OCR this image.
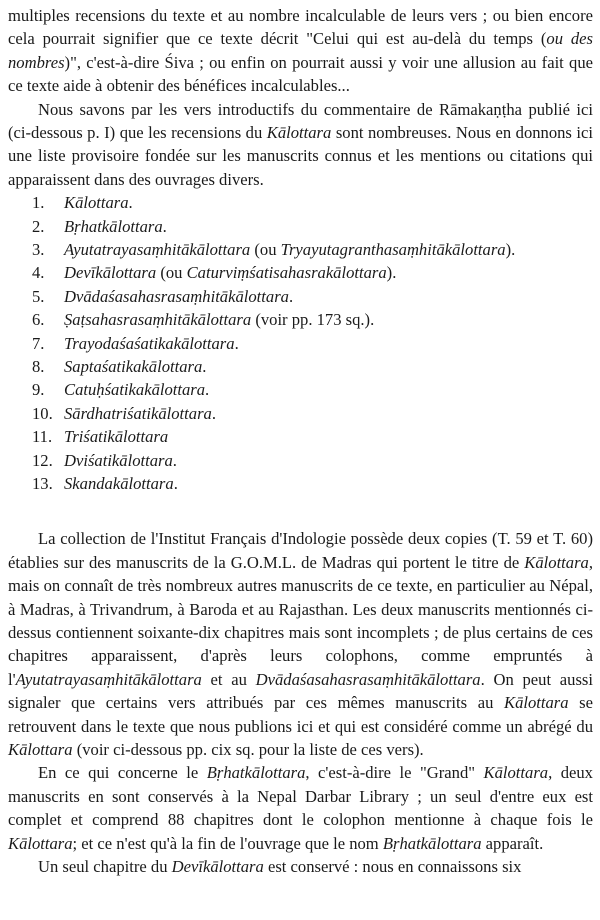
multiples recensions du texte et au nombre incalculable de leurs vers ; ou bien encore cela pourrait signifier que ce texte décrit "Celui qui est au-delà du temps (ou des nombres)", c'est-à-dire Śiva ; ou enfin on pourrait aussi y voir une allusion au fait que ce texte aide à obtenir des bénéfices incalculables...

Nous savons par les vers introductifs du commentaire de Rāmakaṇṭha publié ici (ci-dessous p. I) que les recensions du Kālottara sont nombreuses. Nous en donnons ici une liste provisoire fondée sur les manuscrits connus et les mentions ou citations qui apparaissent dans des ouvrages divers.

1.	Kālottara.
2.	Bṛhatkālottara.
3.	Ayutatrayasaṃhitākālottara (ou Tryayutagranthasaṃhitākālottara).
4.	Devīkālottara (ou Caturviṃśatisahasrakālottara).
5.	Dvādaśasahasrasaṃhitākālottara.
6.	Ṣaṭsahasrasaṃhitākālottara (voir pp. 173 sq.).
7.	Trayodaśaśatikakālottara.
8.	Saptaśatikakālottara.
9.	Catuḥśatikakālottara.
10. Sārdhatriśatikālottara.
11. Triśatikālottara
12. Dviśatikālottara.
13. Skandakālottara.

La collection de l'Institut Français d'Indologie possède deux copies (T. 59 et T. 60) établies sur des manuscrits de la G.O.M.L. de Madras qui portent le titre de Kālottara, mais on connaît de très nombreux autres manuscrits de ce texte, en particulier au Népal, à Madras, à Trivandrum, à Baroda et au Rajasthan. Les deux manuscrits mentionnés ci-dessus contiennent soixante-dix chapitres mais sont incomplets ; de plus certains de ces chapitres apparaissent, d'après leurs colophons, comme empruntés à l'Ayutatrayasaṃhitākālottara et au Dvādaśasahasrasaṃhitākālottara. On peut aussi signaler que certains vers attribués par ces mêmes manuscrits au Kālottara se retrouvent dans le texte que nous publions ici et qui est considéré comme un abrégé du Kālottara (voir ci-dessous pp. cix sq. pour la liste de ces vers).

En ce qui concerne le Bṛhatkālottara, c'est-à-dire le "Grand" Kālottara, deux manuscrits en sont conservés à la Nepal Darbar Library ; un seul d'entre eux est complet et comprend 88 chapitres dont le colophon mentionne à chaque fois le Kālottara; et ce n'est qu'à la fin de l'ouvrage que le nom Bṛhatkālottara apparaît.

Un seul chapitre du Devīkālottara est conservé : nous en connaissons six
